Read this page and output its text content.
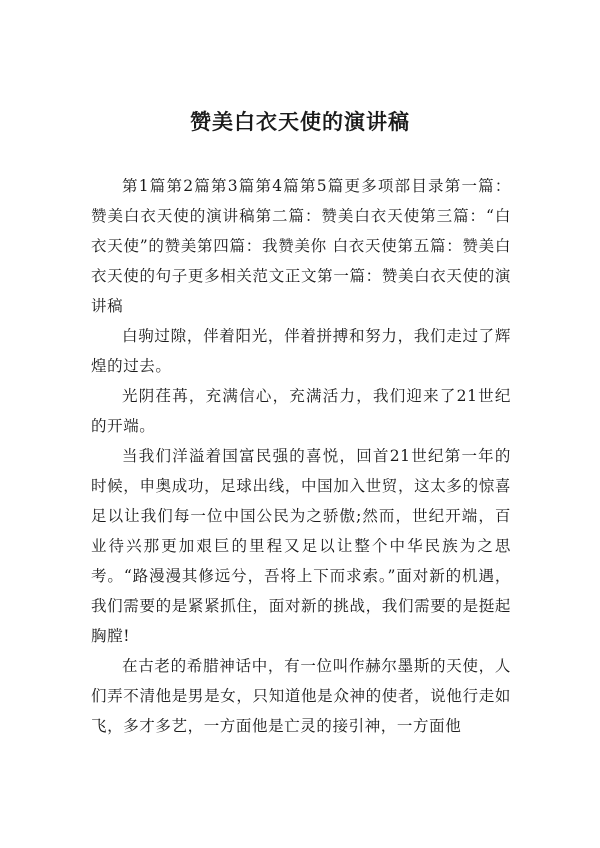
赞美白衣天使的演讲稿

第1篇第2篇第3篇第4篇第5篇更多项部目录第一篇：赞美白衣天使的演讲稿第二篇：赞美白衣天使第三篇：“白衣天使”的赞美第四篇：我赞美你 白衣天使第五篇：赞美白衣天使的句子更多相关范文正文第一篇：赞美白衣天使的演讲稿

白驹过隙，伴着阳光，伴着拼搏和努力，我们走过了辉煌的过去。

光阴荏苒，充满信心，充满活力，我们迎来了21世纪的开端。

当我们洋溢着国富民强的喜悦，回首21世纪第一年的时候，申奥成功，足球出线，中国加入世贸，这太多的惊喜足以让我们每一位中国公民为之骄傲;然而，世纪开端，百业待兴那更加艰巨的里程又足以让整个中华民族为之思考。“路漫漫其修远兮，吾将上下而求索。”面对新的机遇，我们需要的是紧紧抓住，面对新的挑战，我们需要的是挺起胸膛!

在古老的希腊神话中，有一位叫作赫尔墨斯的天使，人们弄不清他是男是女，只知道他是众神的使者，说他行走如飞，多才多艺，一方面他是亡灵的接引神，一方面他
